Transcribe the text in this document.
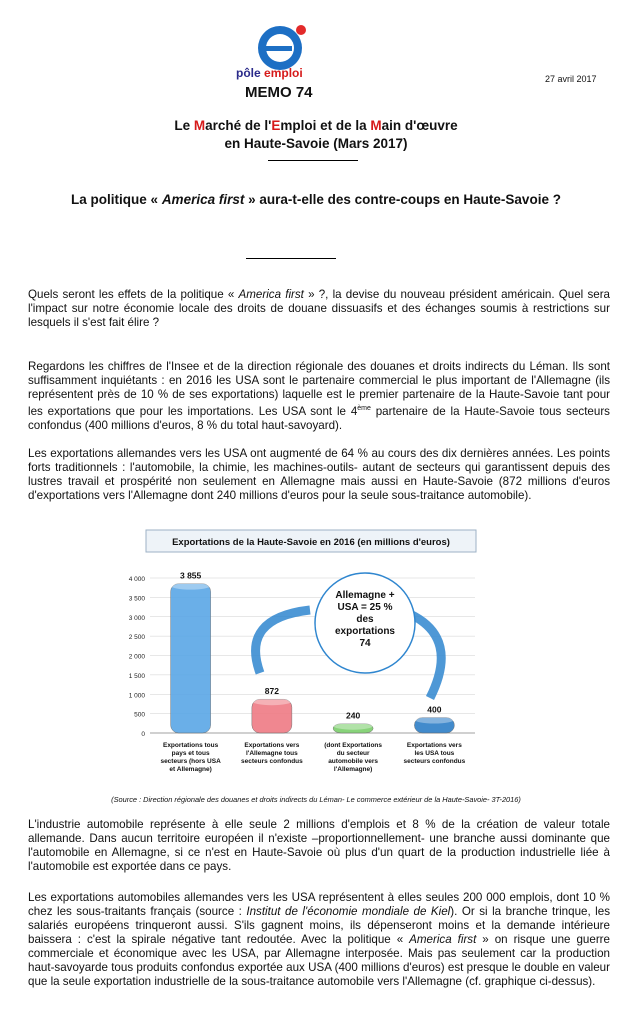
pôle emploi
MEMO 74
27 avril 2017
Le Marché de l'Emploi et de la Main d'œuvre
en Haute-Savoie (Mars 2017)
La politique « America first » aura-t-elle des contre-coups en Haute-Savoie ?
Quels seront les effets de la politique « America first » ?, la devise du nouveau président américain. Quel sera l'impact sur notre économie locale des droits de douane dissuasifs et des échanges soumis à restrictions sur lesquels il s'est fait élire ?
Regardons les chiffres de l'Insee et de la direction régionale des douanes et droits indirects du Léman. Ils sont suffisamment inquiétants : en 2016 les USA sont le partenaire commercial le plus important de l'Allemagne (ils représentent près de 10 % de ses exportations) laquelle est le premier partenaire de la Haute-Savoie tant pour les exportations que pour les importations. Les USA sont le 4ème partenaire de la Haute-Savoie tous secteurs confondus (400 millions d'euros, 8 % du total haut-savoyard).
Les exportations allemandes vers les USA ont augmenté de 64 % au cours des dix dernières années. Les points forts traditionnels : l'automobile, la chimie, les machines-outils- autant de secteurs qui garantissent depuis des lustres travail et prospérité non seulement en Allemagne mais aussi en Haute-Savoie (872 millions d'euros d'exportations vers l'Allemagne dont 240 millions d'euros pour la seule sous-traitance automobile).
Exportations de la Haute-Savoie en 2016 (en millions d'euros)
0
500
1 000
1 500
2 000
2 500
3 000
3 500
4 000	3 855
Exportations tous pays et tous secteurs (hors USA et Allemagne)
872
Exportations vers l'Allemagne tous secteurs confondus
240
(dont Exportations du secteur automobile vers l'Allemagne)
400
Exportations vers les USA tous secteurs confondus
Allemagne + USA = 25 % des exportations 74
(Source : Direction régionale des douanes et droits indirects du Léman- Le commerce extérieur de la Haute-Savoie- 3T-2016)
L'industrie automobile représente à elle seule 2 millions d'emplois et 8 % de la création de valeur totale allemande. Dans aucun territoire européen il n'existe –proportionnellement- une branche aussi dominante que l'automobile en Allemagne, si ce n'est en Haute-Savoie où plus d'un quart de la production industrielle liée à l'automobile est exportée dans ce pays.
Les exportations automobiles allemandes vers les USA représentent à elles seules 200 000 emplois, dont 10 % chez les sous-traitants français (source : Institut de l'économie mondiale de Kiel). Or si la branche trinque, les salariés européens trinqueront aussi. S'ils gagnent moins, ils dépenseront moins et la demande intérieure baissera : c'est la spirale négative tant redoutée. Avec la politique « America first » on risque une guerre commerciale et économique avec les USA, par Allemagne interposée. Mais pas seulement car la production haut-savoyarde tous produits confondus exportée aux USA (400 millions d'euros) est presque le double en valeur que la seule exportation industrielle de la sous-traitance automobile vers l'Allemagne (cf. graphique ci-dessus).
